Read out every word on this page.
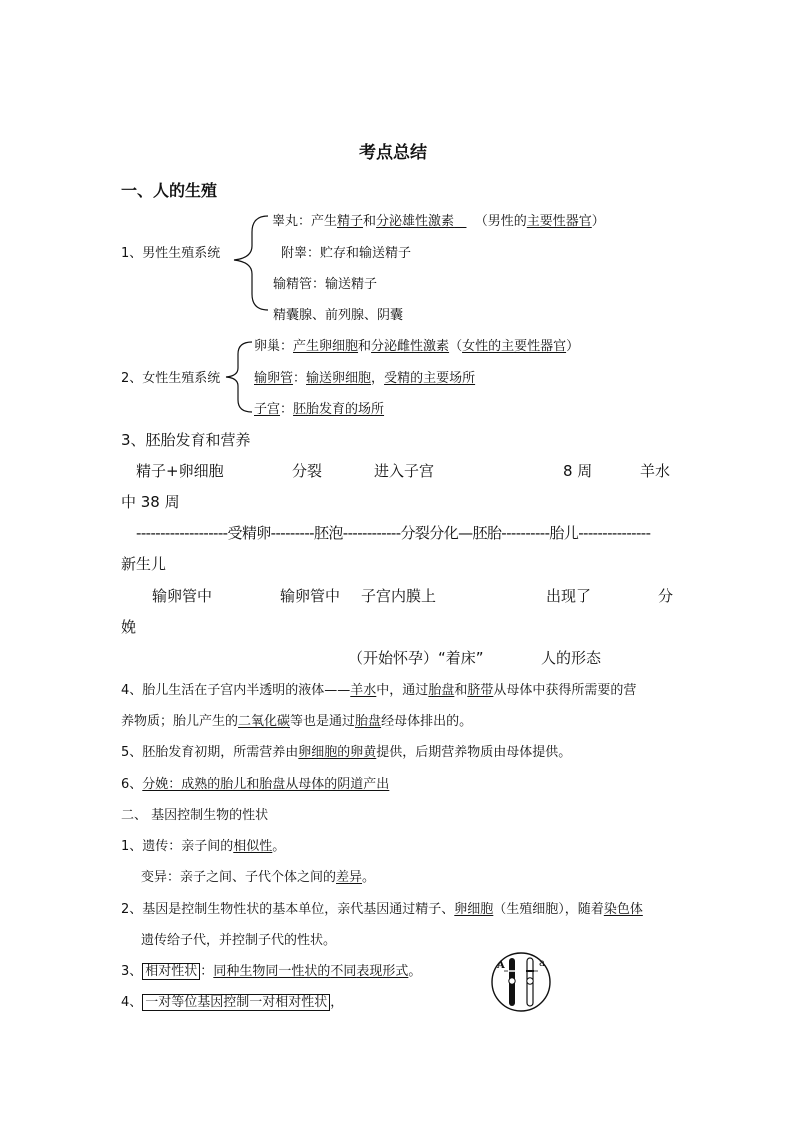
考点总结
一、人的生殖
1、男性生殖系统
睾丸：产生精子和分泌雄性激素 （男性的主要性器官）
附睾：贮存和输送精子
输精管：输送精子
精囊腺、前列腺、阴囊
2、女性生殖系统
卵巢：产生卵细胞和分泌雌性激素（女性的主要性器官）
输卵管：输送卵细胞，受精的主要场所
子宫：胚胎发育的场所
3、胚胎发育和营养
精子+卵细胞	分裂	进入子宫	8 周	羊水
中 38 周
-------------------受精卵---------胚泡------------分裂分化—胚胎----------胎儿---------------
新生儿
输卵管中	输卵管中 子宫内膜上	出现了	分
娩
（开始怀孕）“着床”	人的形态
4、胎儿生活在子宫内半透明的液体——羊水中，通过胎盘和脐带从母体中获得所需要的营
养物质；胎儿产生的二氧化碳等也是通过胎盘经母体排出的。
5、胚胎发育初期，所需营养由卵细胞的卵黄提供，后期营养物质由母体提供。
6、分娩：成熟的胎儿和胎盘从母体的阴道产出
二、 基因控制生物的性状
1、遗传：亲子间的相似性。
变异：亲子之间、子代个体之间的差异。
2、基因是控制生物性状的基本单位，亲代基因通过精子、卵细胞（生殖细胞），随着染色体
遗传给子代，并控制子代的性状。
3、 相对性状 ：同种生物同一性状的不同表现形式。
4、 一对等位基因控制一对相对性状 ，
A	a
